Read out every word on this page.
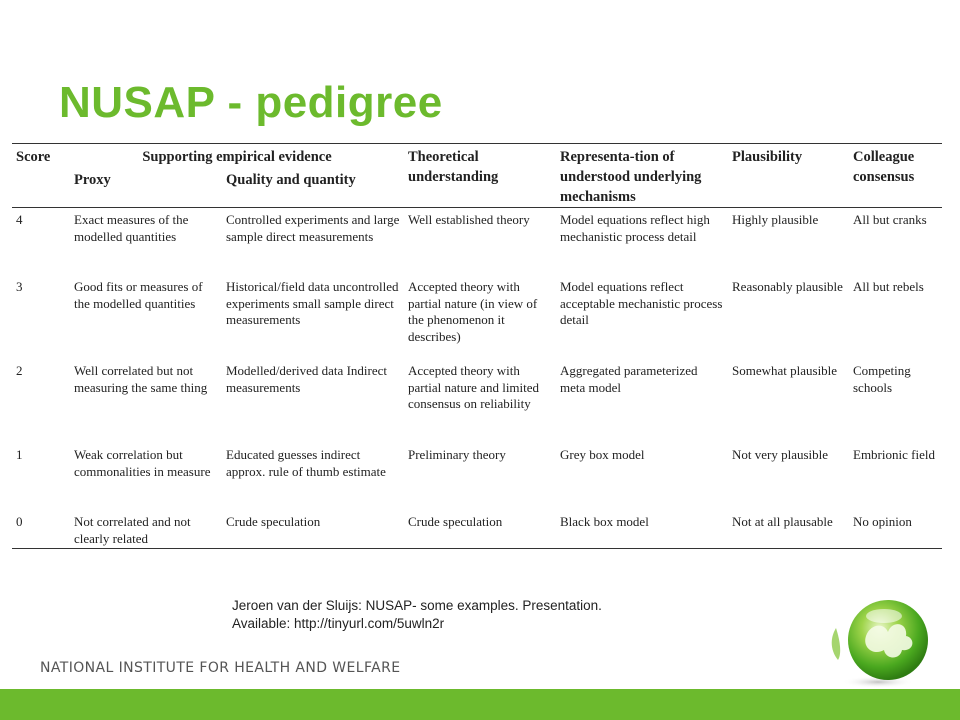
NUSAP - pedigree
Score	Supporting empirical evidence		Theoretical understanding	Representa-tion of understood underlying mechanisms	Plausibility	Colleague consensus
	Proxy	Quality and quantity				
4	Exact measures of the modelled quantities	Controlled experiments and large sample direct measurements	Well established theory	Model equations reflect high mechanistic process detail	Highly plausible	All but cranks
3	Good fits or measures of the modelled quantities	Historical/field data uncontrolled experiments small sample direct measurements	Accepted theory with partial nature (in view of the phenomenon it describes)	Model equations reflect acceptable mechanistic process detail	Reasonably plausible	All but rebels
2	Well correlated but not measuring the same thing	Modelled/derived data Indirect measurements	Accepted theory with partial nature and limited consensus on reliability	Aggregated parameterized meta model	Somewhat plausible	Competing schools
1	Weak correlation but commonalities in measure	Educated guesses indirect approx. rule of thumb estimate	Preliminary theory	Grey box model	Not very plausible	Embrionic field
0	Not correlated and not clearly related	Crude speculation	Crude speculation	Black box model	Not at all plausable	No opinion
Jeroen van der Sluijs: NUSAP- some examples. Presentation.
Available: http://tinyurl.com/5uwln2r
NATIONAL INSTITUTE FOR HEALTH AND WELFARE
